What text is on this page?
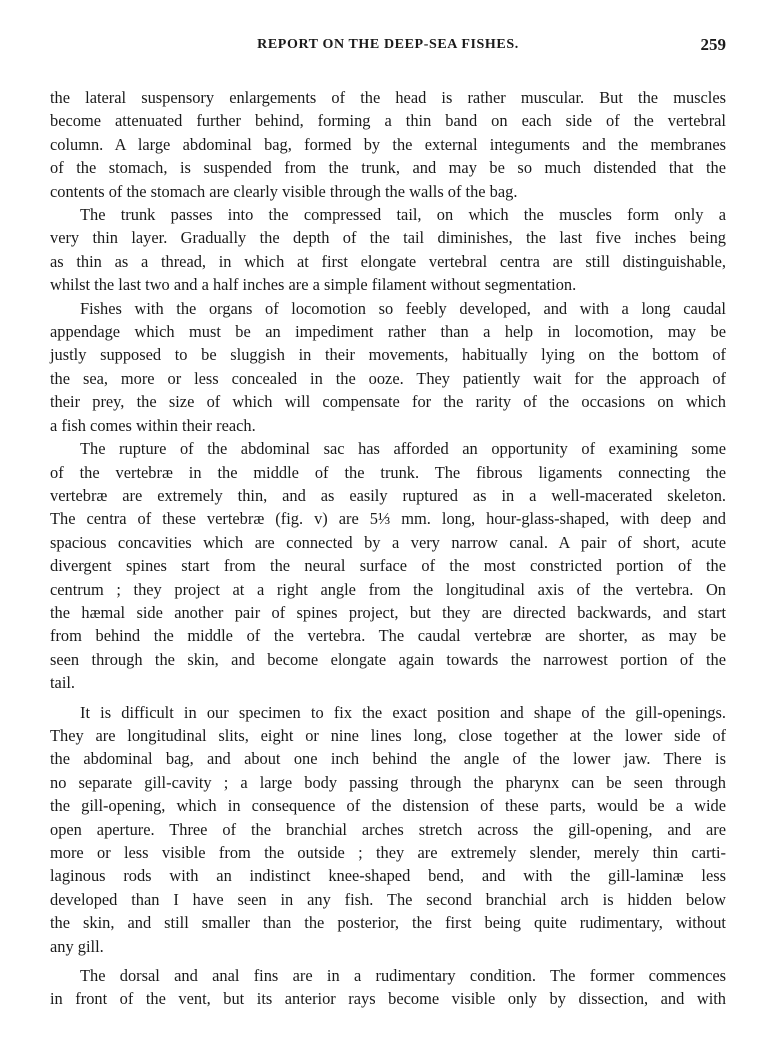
REPORT ON THE DEEP-SEA FISHES.	259
the lateral suspensory enlargements of the head is rather muscular. But the muscles
become attenuated further behind, forming a thin band on each side of the vertebral
column. A large abdominal bag, formed by the external integuments and the membranes
of the stomach, is suspended from the trunk, and may be so much distended that the
contents of the stomach are clearly visible through the walls of the bag.
The trunk passes into the compressed tail, on which the muscles form only a
very thin layer. Gradually the depth of the tail diminishes, the last five inches being
as thin as a thread, in which at first elongate vertebral centra are still distinguishable,
whilst the last two and a half inches are a simple filament without segmentation.
Fishes with the organs of locomotion so feebly developed, and with a long caudal
appendage which must be an impediment rather than a help in locomotion, may be
justly supposed to be sluggish in their movements, habitually lying on the bottom of
the sea, more or less concealed in the ooze. They patiently wait for the approach of
their prey, the size of which will compensate for the rarity of the occasions on which
a fish comes within their reach.
The rupture of the abdominal sac has afforded an opportunity of examining some
of the vertebræ in the middle of the trunk. The fibrous ligaments connecting the
vertebræ are extremely thin, and as easily ruptured as in a well-macerated skeleton.
The centra of these vertebræ (fig. v) are 5⅓ mm. long, hour-glass-shaped, with deep and
spacious concavities which are connected by a very narrow canal. A pair of short, acute
divergent spines start from the neural surface of the most constricted portion of the
centrum ; they project at a right angle from the longitudinal axis of the vertebra. On
the hæmal side another pair of spines project, but they are directed backwards, and start
from behind the middle of the vertebra. The caudal vertebræ are shorter, as may be
seen through the skin, and become elongate again towards the narrowest portion of the
tail.
It is difficult in our specimen to fix the exact position and shape of the gill-openings.
They are longitudinal slits, eight or nine lines long, close together at the lower side of
the abdominal bag, and about one inch behind the angle of the lower jaw. There is
no separate gill-cavity ; a large body passing through the pharynx can be seen through
the gill-opening, which in consequence of the distension of these parts, would be a wide
open aperture. Three of the branchial arches stretch across the gill-opening, and are
more or less visible from the outside ; they are extremely slender, merely thin carti-
laginous rods with an indistinct knee-shaped bend, and with the gill-laminæ less
developed than I have seen in any fish. The second branchial arch is hidden below
the skin, and still smaller than the posterior, the first being quite rudimentary, without
any gill.
The dorsal and anal fins are in a rudimentary condition. The former commences
in front of the vent, but its anterior rays become visible only by dissection, and with
